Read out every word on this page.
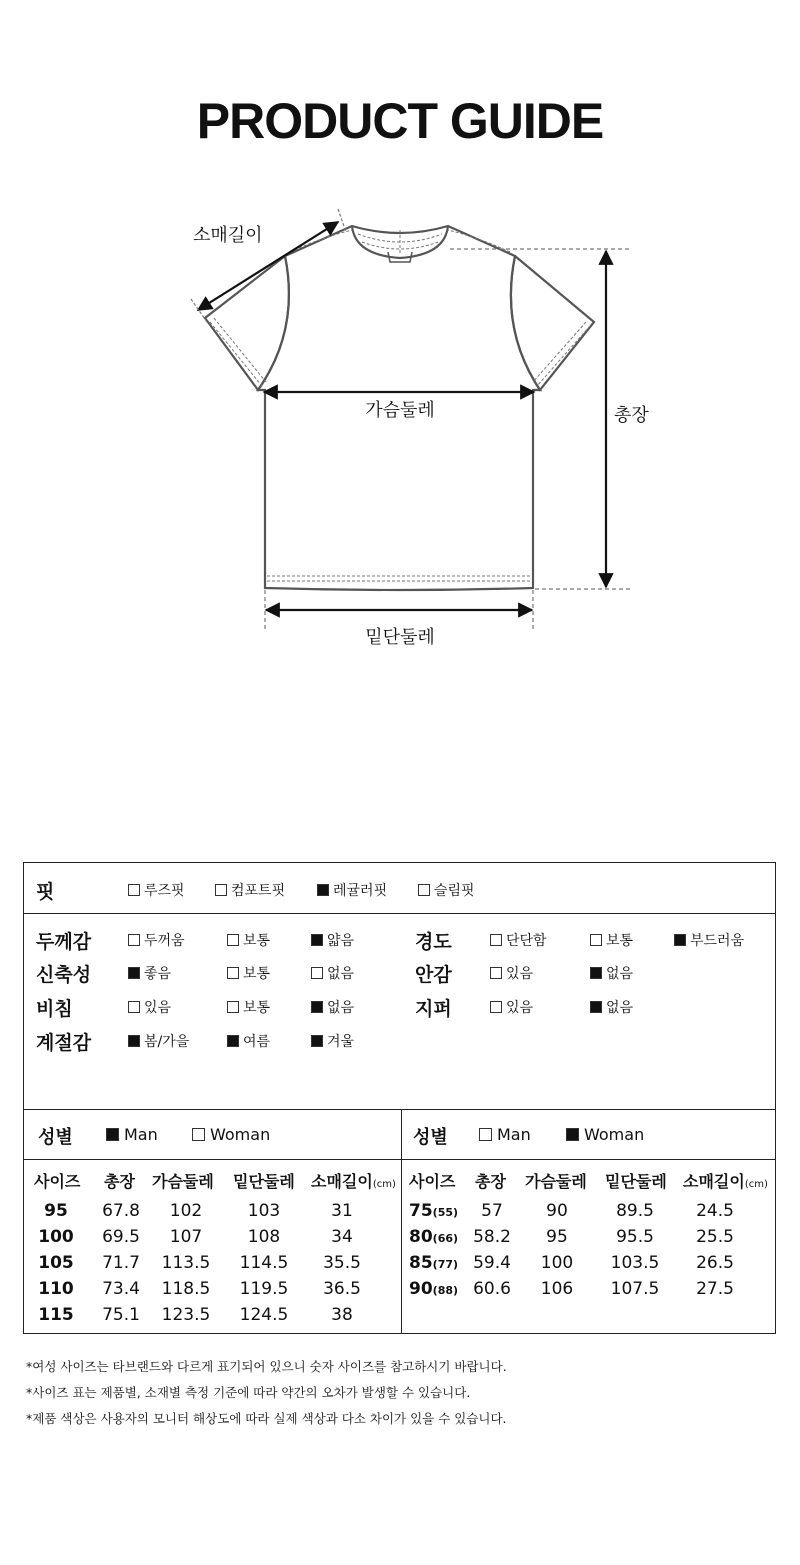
PRODUCT GUIDE
소매길이
가슴둘레	총장
밑단둘레
핏	루즈핏	컴포트핏	레귤러핏	슬림핏
두께감	두꺼움	보통	얇음
신축성	좋음	보통	없음
비침	있음	보통	없음
계절감	봄/가을	여름	겨울
경도	단단함	보통	부드러움
안감	있음	없음
지퍼	있음	없음
성별	Man	Woman
사이즈 총장 가슴둘레 밑단둘레 소매길이(cm)
95	67.8	102	103	31
100	69.5	107	108	34
105	71.7	113.5	114.5	35.5
110	73.4	118.5	119.5	36.5
115	75.1	123.5	124.5	38
성별	Man	Woman
사이즈 총장 가슴둘레 밑단둘레 소매길이(cm)
75(55)	57	90	89.5	24.5
80(66) 58.2	95	95.5	25.5
85(77) 59.4	100	103.5	26.5
90(88) 60.6	106	107.5	27.5
*여성 사이즈는 타브랜드와 다르게 표기되어 있으니 숫자 사이즈를 참고하시기 바랍니다.
*사이즈 표는 제품별, 소재별 측정 기준에 따라 약간의 오차가 발생할 수 있습니다.
*제품 색상은 사용자의 모니터 해상도에 따라 실제 색상과 다소 차이가 있을 수 있습니다.
